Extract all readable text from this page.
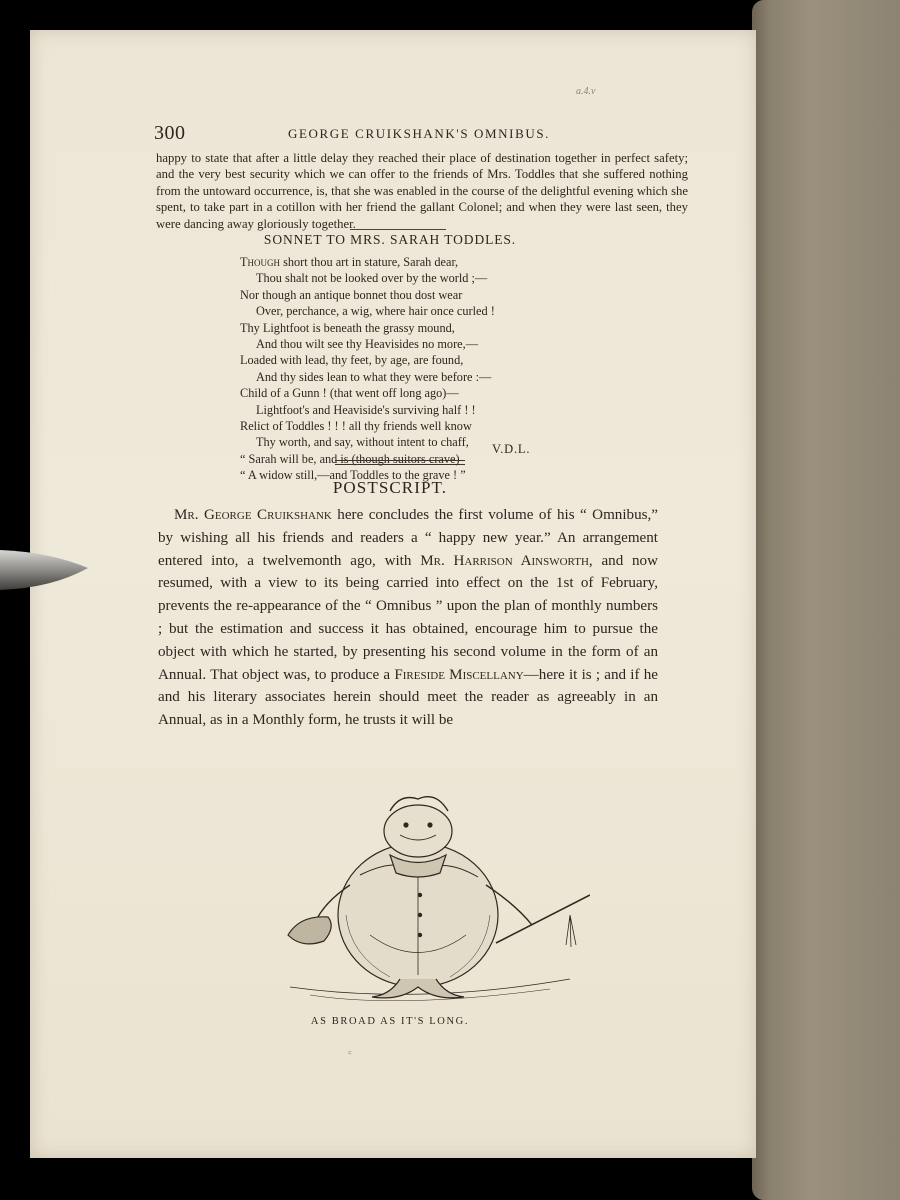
300	GEORGE CRUIKSHANK'S OMNIBUS.
a.4.v

happy to state that after a little delay they reached their place of destination together in perfect safety; and the very best security which we can offer to the friends of Mrs. Toddles that she suffered nothing from the untoward occurrence, is, that she was enabled in the course of the delightful evening which she spent, to take part in a cotillon with her friend the gallant Colonel; and when they were last seen, they were dancing away gloriously together.

SONNET TO MRS. SARAH TODDLES.
Though short thou art in stature, Sarah dear,
Thou shalt not be looked over by the world ;—
Nor though an antique bonnet thou dost wear
Over, perchance, a wig, where hair once curled !
Thy Lightfoot is beneath the grassy mound,
And thou wilt see thy Heavisides no more,—
Loaded with lead, thy feet, by age, are found,
And thy sides lean to what they were before :—
Child of a Gunn ! (that went off long ago)—
Lightfoot's and Heaviside's surviving half ! !
Relict of Toddles ! ! ! all thy friends well know
Thy worth, and say, without intent to chaff,
“ Sarah will be, and is (though suitors crave)
“ A widow still,—and Toddles to the grave ! ”
V.D.L.
POSTSCRIPT.

Mr. George Cruikshank here concludes the first volume of his “ Omnibus,” by wishing all his friends and readers a “ happy new year.” An arrangement entered into, a twelvemonth ago, with Mr. Harrison Ainsworth, and now resumed, with a view to its being carried into effect on the 1st of February, prevents the re-appearance of the “ Omnibus ” upon the plan of monthly numbers ; but the estimation and success it has obtained, encourage him to pursue the object with which he started, by presenting his second volume in the form of an Annual. That object was, to produce a Fireside Miscellany—here it is ; and if he and his literary associates herein should meet the reader as agreeably in an Annual, as in a Monthly form, he trusts it will be

AS BROAD AS IT'S LONG.
꜀
